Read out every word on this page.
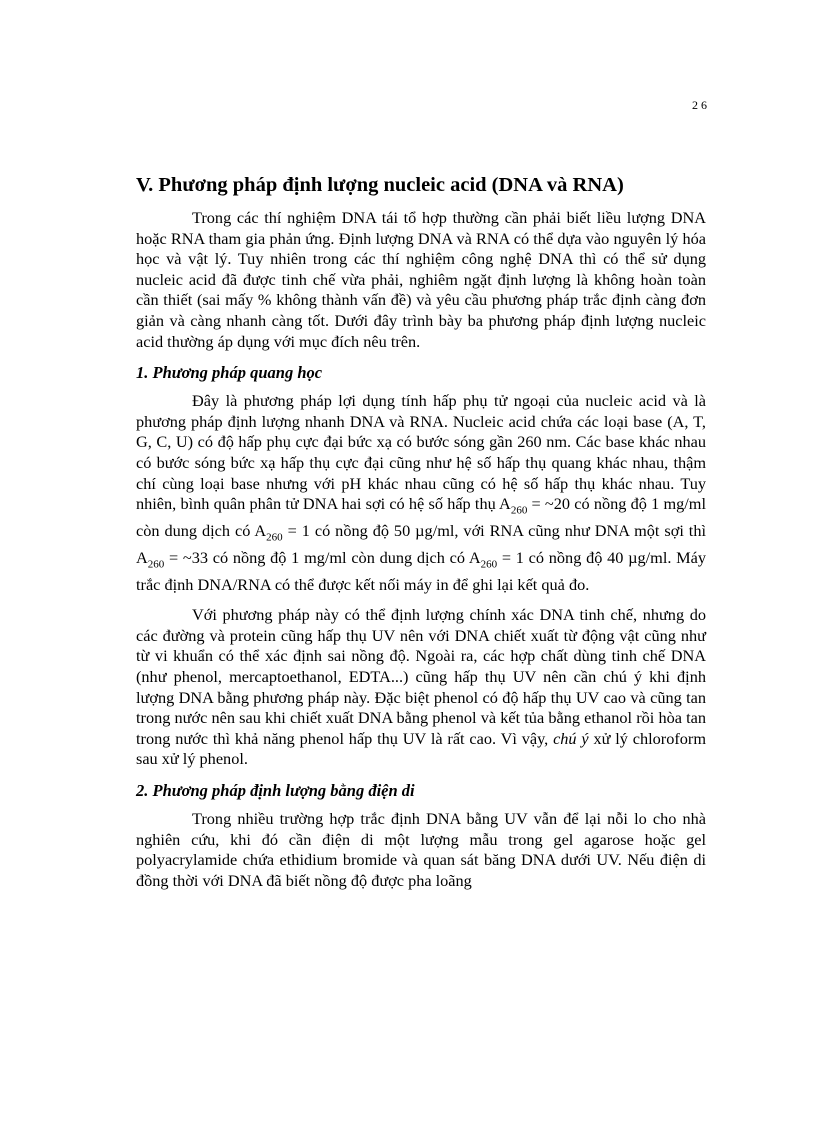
26
V. Phương pháp định lượng nucleic acid (DNA và RNA)

Trong các thí nghiệm DNA tái tổ hợp thường cần phải biết liều lượng DNA hoặc RNA tham gia phản ứng. Định lượng DNA và RNA có thể dựa vào nguyên lý hóa học và vật lý. Tuy nhiên trong các thí nghiệm công nghệ DNA thì có thể sử dụng nucleic acid đã được tinh chế vừa phải, nghiêm ngặt định lượng là không hoàn toàn cần thiết (sai mấy % không thành vấn đề) và yêu cầu phương pháp trắc định càng đơn giản và càng nhanh càng tốt. Dưới đây trình bày ba phương pháp định lượng nucleic acid thường áp dụng với mục đích nêu trên.

1. Phương pháp quang học

Đây là phương pháp lợi dụng tính hấp phụ tử ngoại của nucleic acid và là phương pháp định lượng nhanh DNA và RNA. Nucleic acid chứa các loại base (A, T, G, C, U) có độ hấp phụ cực đại bức xạ có bước sóng gần 260 nm. Các base khác nhau có bước sóng bức xạ hấp thụ cực đại cũng như hệ số hấp thụ quang khác nhau, thậm chí cùng loại base nhưng với pH khác nhau cũng có hệ số hấp thụ khác nhau. Tuy nhiên, bình quân phân tử DNA hai sợi có hệ số hấp thụ $A_{260}$ = ~20 có nồng độ 1 mg/ml còn dung dịch có $A_{260} = 1$ có nồng độ 50 µg/ml, với RNA cũng như DNA một sợi thì $A_{260}$ = ~33 có nồng độ 1 mg/ml còn dung dịch có $A_{260} = 1$ có nồng độ 40 µg/ml. Máy trắc định DNA/RNA có thể được kết nối máy in để ghi lại kết quả đo.

Với phương pháp này có thể định lượng chính xác DNA tinh chế, nhưng do các đường và protein cũng hấp thụ UV nên với DNA chiết xuất từ động vật cũng như từ vi khuẩn có thể xác định sai nồng độ. Ngoài ra, các hợp chất dùng tinh chế DNA (như phenol, mercaptoethanol, EDTA...) cũng hấp thụ UV nên cần chú ý khi định lượng DNA bằng phương pháp này. Đặc biệt phenol có độ hấp thụ UV cao và cũng tan trong nước nên sau khi chiết xuất DNA bằng phenol và kết tủa bằng ethanol rồi hòa tan trong nước thì khả năng phenol hấp thụ UV là rất cao. Vì vậy, chú ý xử lý chloroform sau xử lý phenol.

2. Phương pháp định lượng bằng điện di

Trong nhiều trường hợp trắc định DNA bằng UV vẫn để lại nỗi lo cho nhà nghiên cứu, khi đó cần điện di một lượng mẫu trong gel agarose hoặc gel polyacrylamide chứa ethidium bromide và quan sát băng DNA dưới UV. Nếu điện di đồng thời với DNA đã biết nồng độ được pha loãng
